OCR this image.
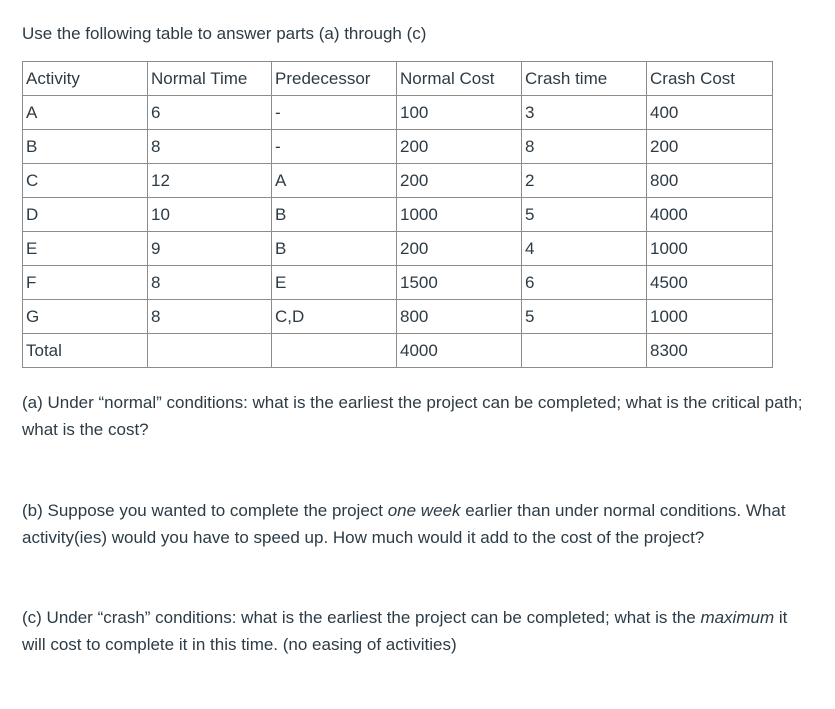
Use the following table to answer parts (a) through (c)
Activity	Normal Time	Predecessor	Normal Cost	Crash time	Crash Cost
A	6	-	100	3	400
B	8	-	200	8	200
C	12	A	200	2	800
D	10	B	1000	5	4000
E	9	B	200	4	1000
F	8	E	1500	6	4500
G	8	C,D	800	5	1000
Total			4000		8300
(a) Under “normal” conditions: what is the earliest the project can be completed; what is the critical path; what is the cost?
(b) Suppose you wanted to complete the project one week earlier than under normal conditions. What activity(ies) would you have to speed up. How much would it add to the cost of the project?
(c) Under “crash” conditions: what is the earliest the project can be completed; what is the maximum it will cost to complete it in this time. (no easing of activities)
